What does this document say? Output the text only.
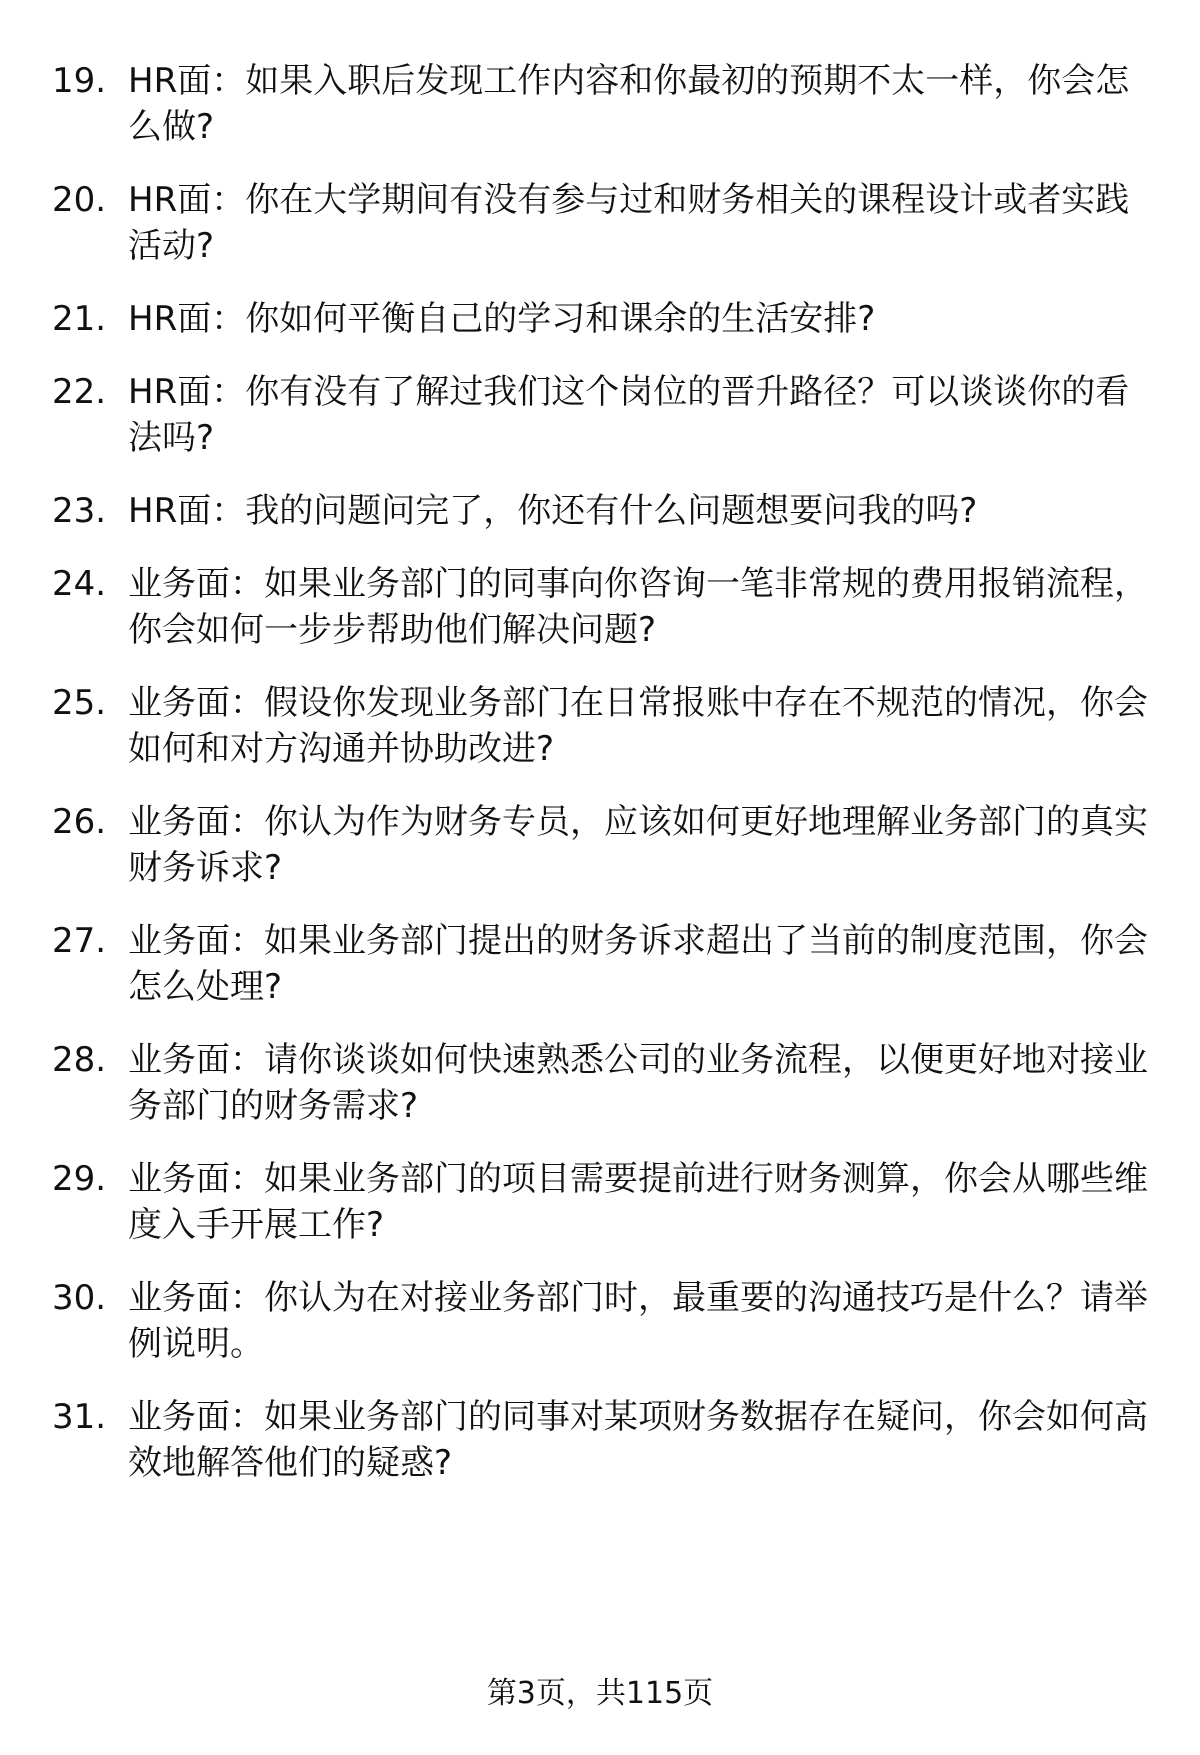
19. HR面：如果入职后发现工作内容和你最初的预期不太一样，你会怎么做?
20. HR面：你在大学期间有没有参与过和财务相关的课程设计或者实践活动?
21. HR面：你如何平衡自己的学习和课余的生活安排?
22. HR面：你有没有了解过我们这个岗位的晋升路径？可以谈谈你的看法吗?
23. HR面：我的问题问完了，你还有什么问题想要问我的吗?
24. 业务面：如果业务部门的同事向你咨询一笔非常规的费用报销流程，你会如何一步步帮助他们解决问题?
25. 业务面：假设你发现业务部门在日常报账中存在不规范的情况，你会如何和对方沟通并协助改进?
26. 业务面：你认为作为财务专员，应该如何更好地理解业务部门的真实财务诉求?
27. 业务面：如果业务部门提出的财务诉求超出了当前的制度范围，你会怎么处理?
28. 业务面：请你谈谈如何快速熟悉公司的业务流程，以便更好地对接业务部门的财务需求?
29. 业务面：如果业务部门的项目需要提前进行财务测算，你会从哪些维度入手开展工作?
30. 业务面：你认为在对接业务部门时，最重要的沟通技巧是什么？请举例说明。
31. 业务面：如果业务部门的同事对某项财务数据存在疑问，你会如何高效地解答他们的疑惑?
第3页，共115页
